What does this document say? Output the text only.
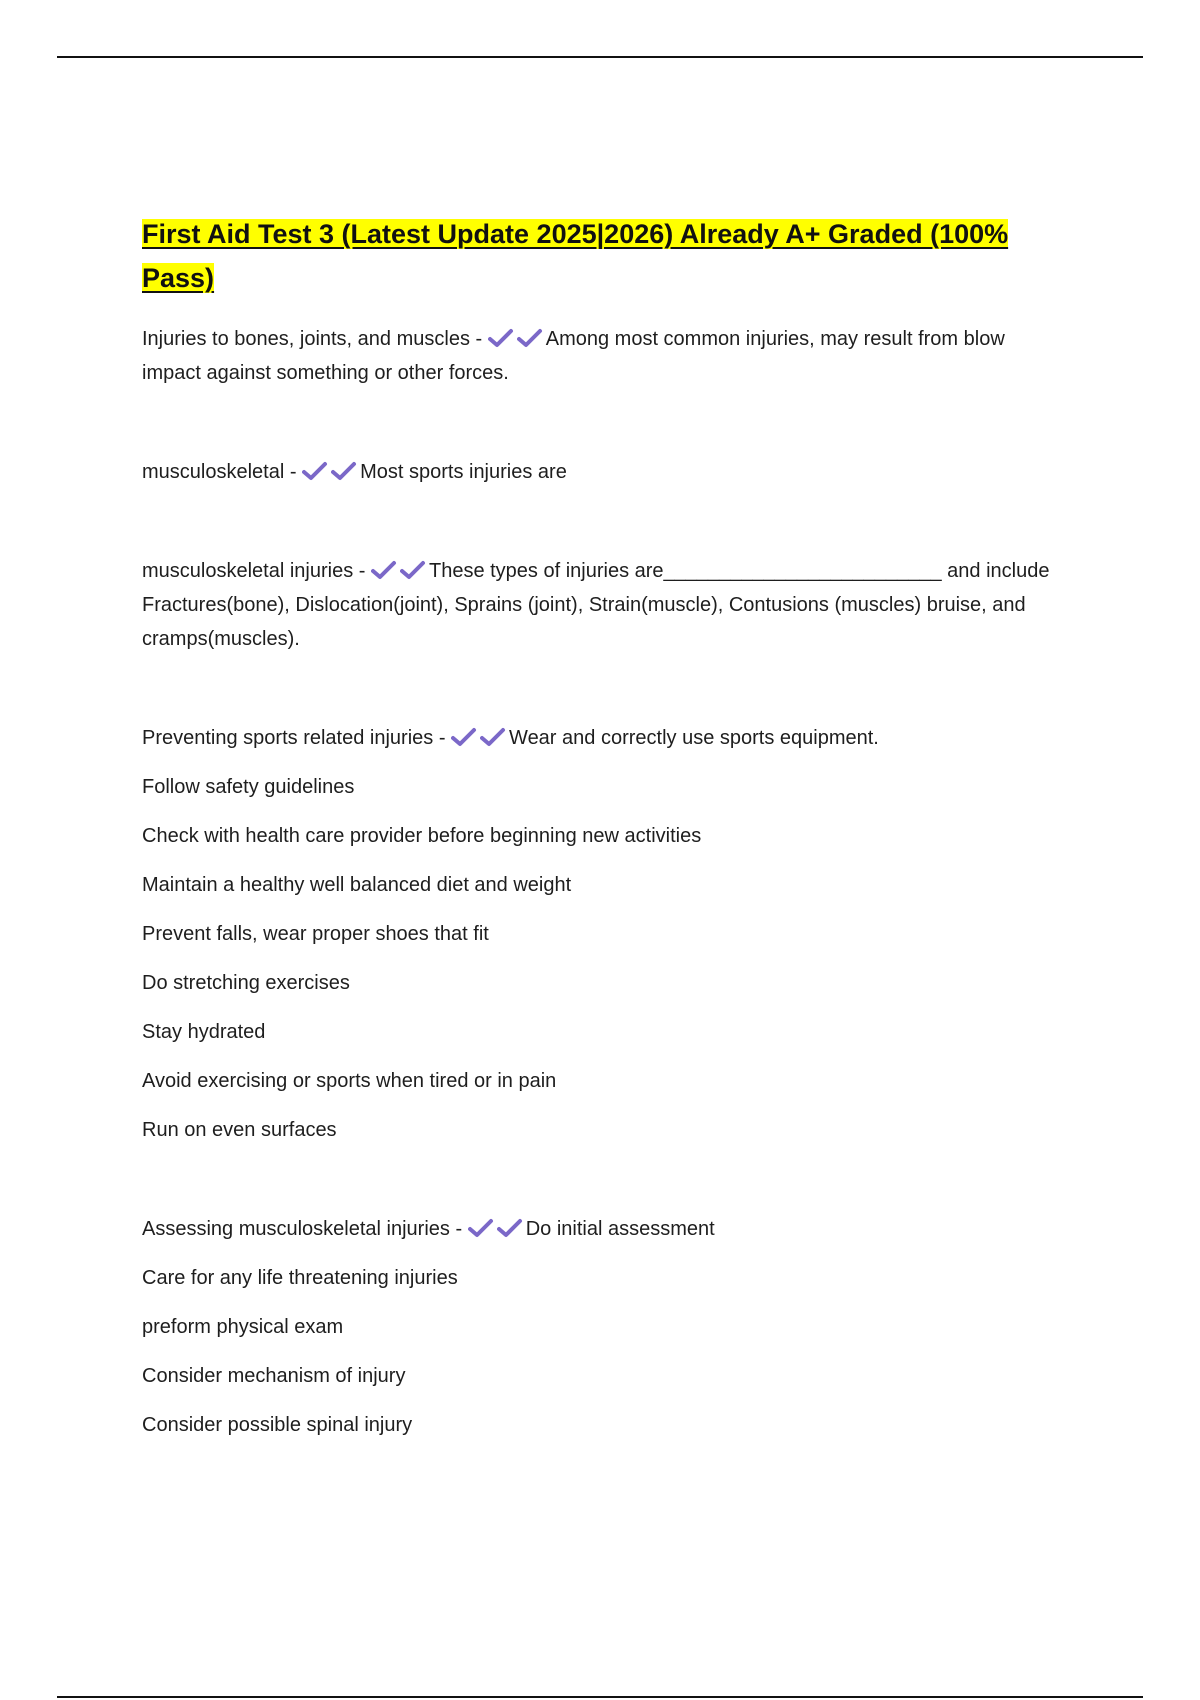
First Aid Test 3 (Latest Update 2025|2026) Already A+ Graded (100% Pass)
Injuries to bones, joints, and muscles -	Among most common injuries, may result from blow impact against something or other forces.
musculoskeletal -	Most sports injuries are
musculoskeletal injuries -	These types of injuries are_________________________ and include Fractures(bone), Dislocation(joint), Sprains (joint), Strain(muscle), Contusions (muscles) bruise, and cramps(muscles).
Preventing sports related injuries -	Wear and correctly use sports equipment.
Follow safety guidelines
Check with health care provider before beginning new activities
Maintain a healthy well balanced diet and weight
Prevent falls, wear proper shoes that fit
Do stretching exercises
Stay hydrated
Avoid exercising or sports when tired or in pain
Run on even surfaces
Assessing musculoskeletal injuries -	Do initial assessment
Care for any life threatening injuries
preform physical exam
Consider mechanism of injury
Consider possible spinal injury
